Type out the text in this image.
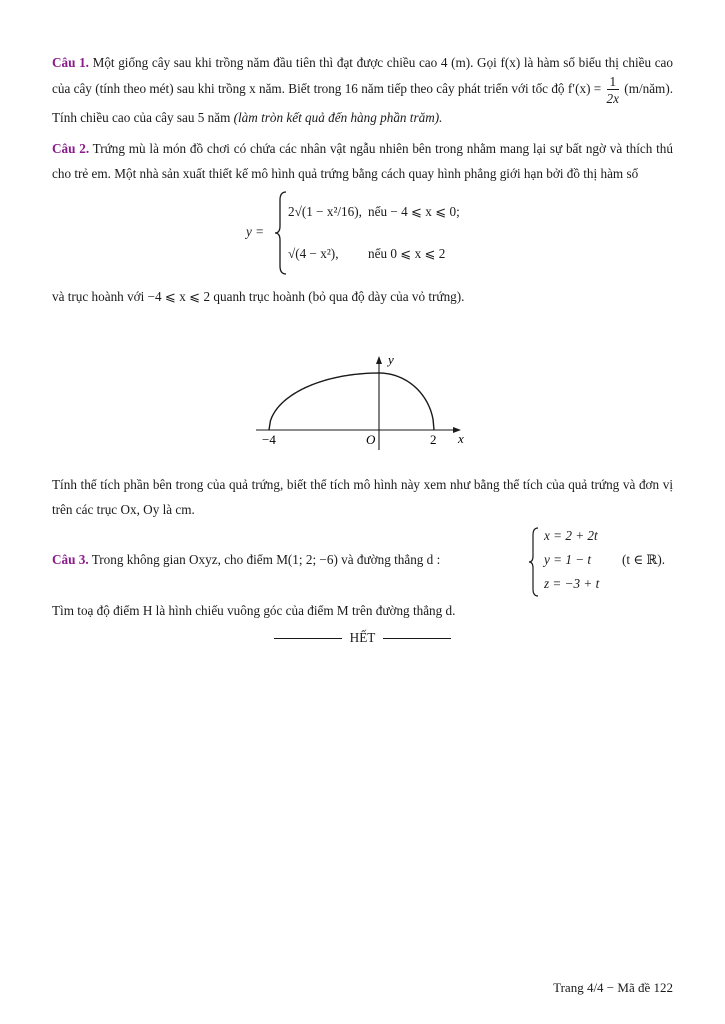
Câu 1. Một giống cây sau khi trồng năm đầu tiên thì đạt được chiều cao 4 (m). Gọi f(x) là hàm số biểu thị chiều cao của cây (tính theo mét) sau khi trồng x năm. Biết trong 16 năm tiếp theo cây phát triển với tốc độ $f'(x) = \frac{1}{2x}$ (m/năm). Tính chiều cao của cây sau 5 năm (làm tròn kết quả đến hàng phần trăm).

Câu 2. Trứng mù là món đồ chơi có chứa các nhân vật ngẫu nhiên bên trong nhằm mang lại sự bất ngờ và thích thú cho trẻ em. Một nhà sản xuất thiết kế mô hình quả trứng bằng cách quay hình phẳng giới hạn bởi đồ thị hàm số

y =
2√(1 − x²/16), nếu − 4 ⩽ x ⩽ 0;
√(4 − x²), nếu 0 ⩽ x ⩽ 2

và trục hoành với −4 ⩽ x ⩽ 2 quanh trục hoành (bỏ qua độ dày của vỏ trứng).

y
x
−4	O	2

Tính thể tích phần bên trong của quả trứng, biết thể tích mô hình này xem như bằng thể tích của quả trứng và đơn vị trên các trục Ox, Oy là cm.

Câu 3. Trong không gian Oxyz, cho điểm M(1; 2; −6) và đường thẳng d :
x = 2 + 2t
y = 1 − t
z = −3 + t
(t ∈ ℝ).

Tìm toạ độ điểm H là hình chiếu vuông góc của điểm M trên đường thẳng d.

HẾT
Trang 4/4 − Mã đề 122
